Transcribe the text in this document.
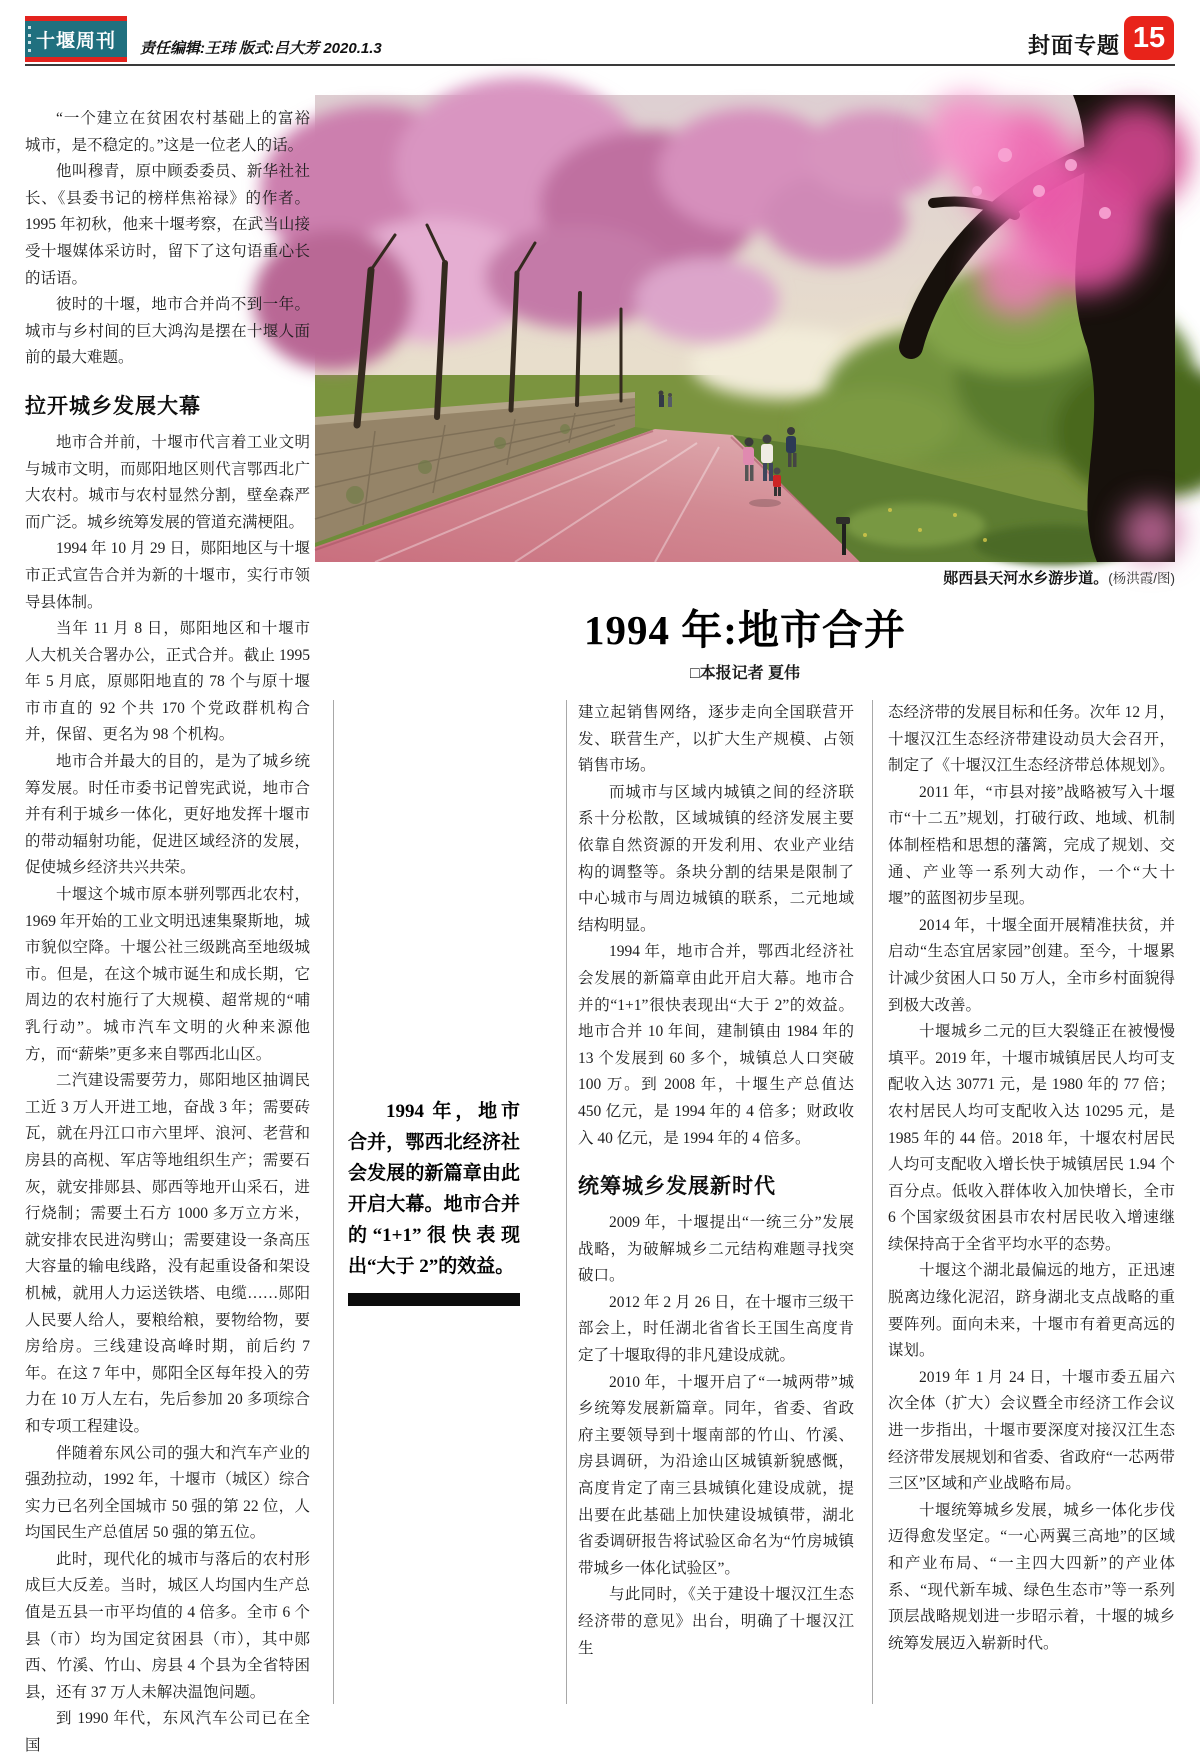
十堰周刊 责任编辑:王玮 版式:吕大芳 2020.1.3	封面专题 15
郧西县天河水乡游步道。(杨洪霞/图)
1994 年:地市合并
□本报记者 夏伟

“一个建立在贫困农村基础上的富裕城市，是不稳定的。”这是一位老人的话。

他叫穆青，原中顾委委员、新华社社长、《县委书记的榜样焦裕禄》的作者。1995 年初秋，他来十堰考察，在武当山接受十堰媒体采访时，留下了这句语重心长的话语。

彼时的十堰，地市合并尚不到一年。城市与乡村间的巨大鸿沟是摆在十堰人面前的最大难题。

拉开城乡发展大幕

地市合并前，十堰市代言着工业文明与城市文明，而郧阳地区则代言鄂西北广大农村。城市与农村显然分割，壁垒森严而广泛。城乡统筹发展的管道充满梗阻。

1994 年 10 月 29 日，郧阳地区与十堰市正式宣告合并为新的十堰市，实行市领导县体制。

当年 11 月 8 日，郧阳地区和十堰市人大机关合署办公，正式合并。截止 1995 年 5 月底，原郧阳地直的 78 个与原十堰市市直的 92 个共 170 个党政群机构合并，保留、更名为 98 个机构。

地市合并最大的目的，是为了城乡统筹发展。时任市委书记曾宪武说，地市合并有利于城乡一体化，更好地发挥十堰市的带动辐射功能，促进区域经济的发展，促使城乡经济共兴共荣。

十堰这个城市原本骈列鄂西北农村，1969 年开始的工业文明迅速集聚斯地，城市貌似空降。十堰公社三级跳高至地级城市。但是，在这个城市诞生和成长期，它周边的农村施行了大规模、超常规的“哺乳行动”。城市汽车文明的火种来源他方，而“薪柴”更多来自鄂西北山区。

二汽建设需要劳力，郧阳地区抽调民工近 3 万人开进工地，奋战 3 年；需要砖瓦，就在丹江口市六里坪、浪河、老营和房县的高枧、军店等地组织生产；需要石灰，就安排郧县、郧西等地开山采石，进行烧制；需要土石方 1000 多万立方米，就安排农民进沟劈山；需要建设一条高压大容量的输电线路，没有起重设备和架设机械，就用人力运送铁塔、电缆……郧阳人民要人给人，要粮给粮，要物给物，要房给房。三线建设高峰时期，前后约 7 年。在这 7 年中，郧阳全区每年投入的劳力在 10 万人左右，先后参加 20 多项综合和专项工程建设。

伴随着东风公司的强大和汽车产业的强劲拉动，1992 年，十堰市（城区）综合实力已名列全国城市 50 强的第 22 位，人均国民生产总值居 50 强的第五位。

此时，现代化的城市与落后的农村形成巨大反差。当时，城区人均国内生产总值是五县一市平均值的 4 倍多。全市 6 个县（市）均为国定贫困县（市），其中郧西、竹溪、竹山、房县 4 个县为全省特困县，还有 37 万人未解决温饱问题。

到 1990 年代，东风汽车公司已在全国

1994 年，地市合并，鄂西北经济社会发展的新篇章由此开启大幕。地市合并的“1+1”很快表现出“大于 2”的效益。

建立起销售网络，逐步走向全国联营开发、联营生产，以扩大生产规模、占领销售市场。

而城市与区域内城镇之间的经济联系十分松散，区域城镇的经济发展主要依靠自然资源的开发利用、农业产业结构的调整等。条块分割的结果是限制了中心城市与周边城镇的联系，二元地域结构明显。

1994 年，地市合并，鄂西北经济社会发展的新篇章由此开启大幕。地市合并的“1+1”很快表现出“大于 2”的效益。地市合并 10 年间，建制镇由 1984 年的 13 个发展到 60 多个，城镇总人口突破 100 万。到 2008 年，十堰生产总值达 450 亿元，是 1994 年的 4 倍多；财政收入 40 亿元，是 1994 年的 4 倍多。

统筹城乡发展新时代

2009 年，十堰提出“一统三分”发展战略，为破解城乡二元结构难题寻找突破口。

2012 年 2 月 26 日，在十堰市三级干部会上，时任湖北省省长王国生高度肯定了十堰取得的非凡建设成就。

2010 年，十堰开启了“一城两带”城乡统筹发展新篇章。同年，省委、省政府主要领导到十堰南部的竹山、竹溪、房县调研，为沿途山区城镇新貌感慨，高度肯定了南三县城镇化建设成就，提出要在此基础上加快建设城镇带，湖北省委调研报告将试验区命名为“竹房城镇带城乡一体化试验区”。

与此同时，《关于建设十堰汉江生态经济带的意见》出台，明确了十堰汉江生

态经济带的发展目标和任务。次年 12 月，十堰汉江生态经济带建设动员大会召开，制定了《十堰汉江生态经济带总体规划》。

2011 年，“市县对接”战略被写入十堰市“十二五”规划，打破行政、地域、机制体制桎梏和思想的藩篱，完成了规划、交通、产业等一系列大动作，一个“大十堰”的蓝图初步呈现。

2014 年，十堰全面开展精准扶贫，并启动“生态宜居家园”创建。至今，十堰累计减少贫困人口 50 万人，全市乡村面貌得到极大改善。

十堰城乡二元的巨大裂缝正在被慢慢填平。2019 年，十堰市城镇居民人均可支配收入达 30771 元，是 1980 年的 77 倍；农村居民人均可支配收入达 10295 元，是 1985 年的 44 倍。2018 年，十堰农村居民人均可支配收入增长快于城镇居民 1.94 个百分点。低收入群体收入加快增长，全市 6 个国家级贫困县市农村居民收入增速继续保持高于全省平均水平的态势。

十堰这个湖北最偏远的地方，正迅速脱离边缘化泥沼，跻身湖北支点战略的重要阵列。面向未来，十堰市有着更高远的谋划。

2019 年 1 月 24 日，十堰市委五届六次全体（扩大）会议暨全市经济工作会议进一步指出，十堰市要深度对接汉江生态经济带发展规划和省委、省政府“一芯两带三区”区域和产业战略布局。

十堰统筹城乡发展，城乡一体化步伐迈得愈发坚定。“一心两翼三高地”的区域和产业布局、“一主四大四新”的产业体系、“现代新车城、绿色生态市”等一系列顶层战略规划进一步昭示着，十堰的城乡统筹发展迈入崭新时代。
